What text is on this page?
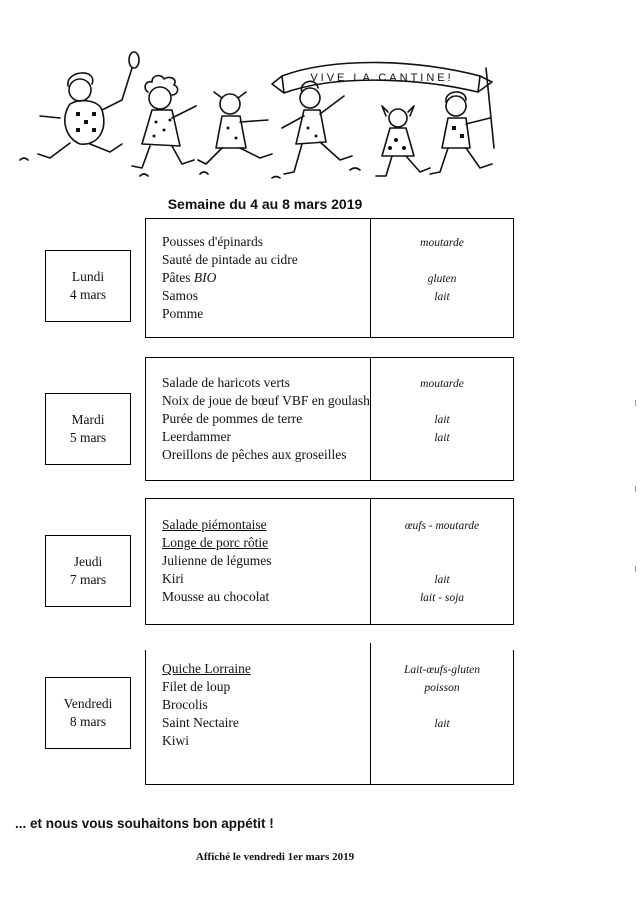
VIVE LA CANTINE!
Semaine du 4 au 8 mars 2019
Lundi
4 mars
Pousses d'épinards
Sauté de pintade au cidre
Pâtes BIO
Samos
Pomme
moutarde
gluten
lait
Mardi
5 mars
Salade de haricots verts
Noix de joue de bœuf VBF en goulash
Purée de pommes de terre
Leerdammer
Oreillons de pêches aux groseilles
moutarde
lait
lait
Jeudi
7 mars
Salade piémontaise
Longe de porc rôtie
Julienne de légumes
Kiri
Mousse au chocolat
œufs - moutarde
lait
lait - soja
Vendredi
8 mars
Quiche Lorraine
Filet de loup
Brocolis
Saint Nectaire
Kiwi
Lait-œufs-gluten
poisson
lait
... et nous vous souhaitons bon appétit !
Affiché le vendredi 1er mars 2019
